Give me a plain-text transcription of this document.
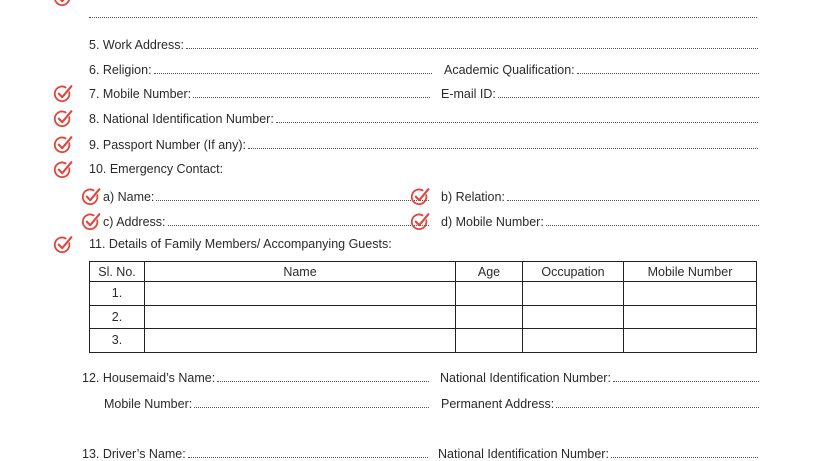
5. Work Address:
6. Religion:	Academic Qualification:
7. Mobile Number:	E-mail ID:
8. National Identification Number:
9. Passport Number (If any):
10. Emergency Contact:
a) Name:	b) Relation:
c) Address:	d) Mobile Number:
11. Details of Family Members/ Accompanying Guests:
Sl. No.	Name	Age	Occupation	Mobile Number
1.				
2.				
3.				
12. Housemaid’s Name:	National Identification Number:
Mobile Number:	Permanent Address:
13. Driver’s Name:	National Identification Number:
